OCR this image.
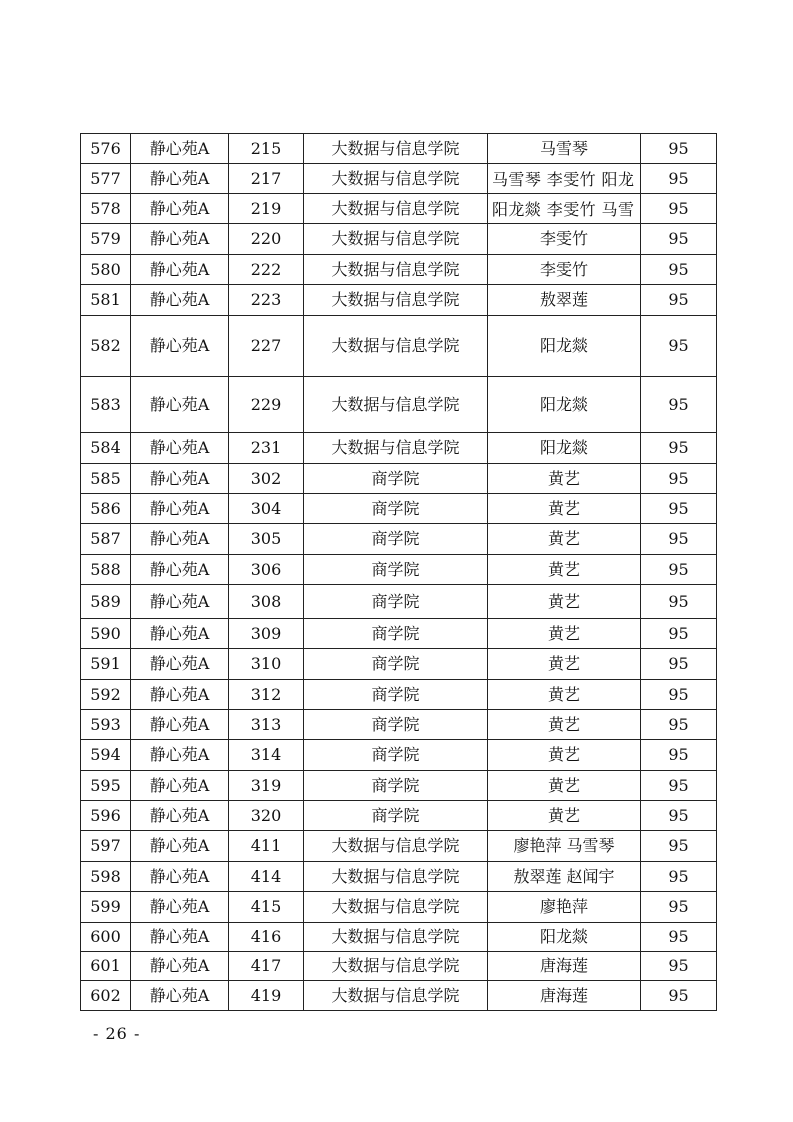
576	静心苑A	215	大数据与信息学院	马雪琴	95
577	静心苑A	217	大数据与信息学院	马雪琴 李雯竹 阳龙	95
578	静心苑A	219	大数据与信息学院	阳龙燚 李雯竹 马雪	95
579	静心苑A	220	大数据与信息学院	李雯竹	95
580	静心苑A	222	大数据与信息学院	李雯竹	95
581	静心苑A	223	大数据与信息学院	敖翠莲	95
582	静心苑A	227	大数据与信息学院	阳龙燚	95
583	静心苑A	229	大数据与信息学院	阳龙燚	95
584	静心苑A	231	大数据与信息学院	阳龙燚	95
585	静心苑A	302	商学院	黄艺	95
586	静心苑A	304	商学院	黄艺	95
587	静心苑A	305	商学院	黄艺	95
588	静心苑A	306	商学院	黄艺	95
589	静心苑A	308	商学院	黄艺	95
590	静心苑A	309	商学院	黄艺	95
591	静心苑A	310	商学院	黄艺	95
592	静心苑A	312	商学院	黄艺	95
593	静心苑A	313	商学院	黄艺	95
594	静心苑A	314	商学院	黄艺	95
595	静心苑A	319	商学院	黄艺	95
596	静心苑A	320	商学院	黄艺	95
597	静心苑A	411	大数据与信息学院	廖艳萍 马雪琴	95
598	静心苑A	414	大数据与信息学院	敖翠莲 赵闻宇	95
599	静心苑A	415	大数据与信息学院	廖艳萍	95
600	静心苑A	416	大数据与信息学院	阳龙燚	95
601	静心苑A	417	大数据与信息学院	唐海莲	95
602	静心苑A	419	大数据与信息学院	唐海莲	95
- 26 -
